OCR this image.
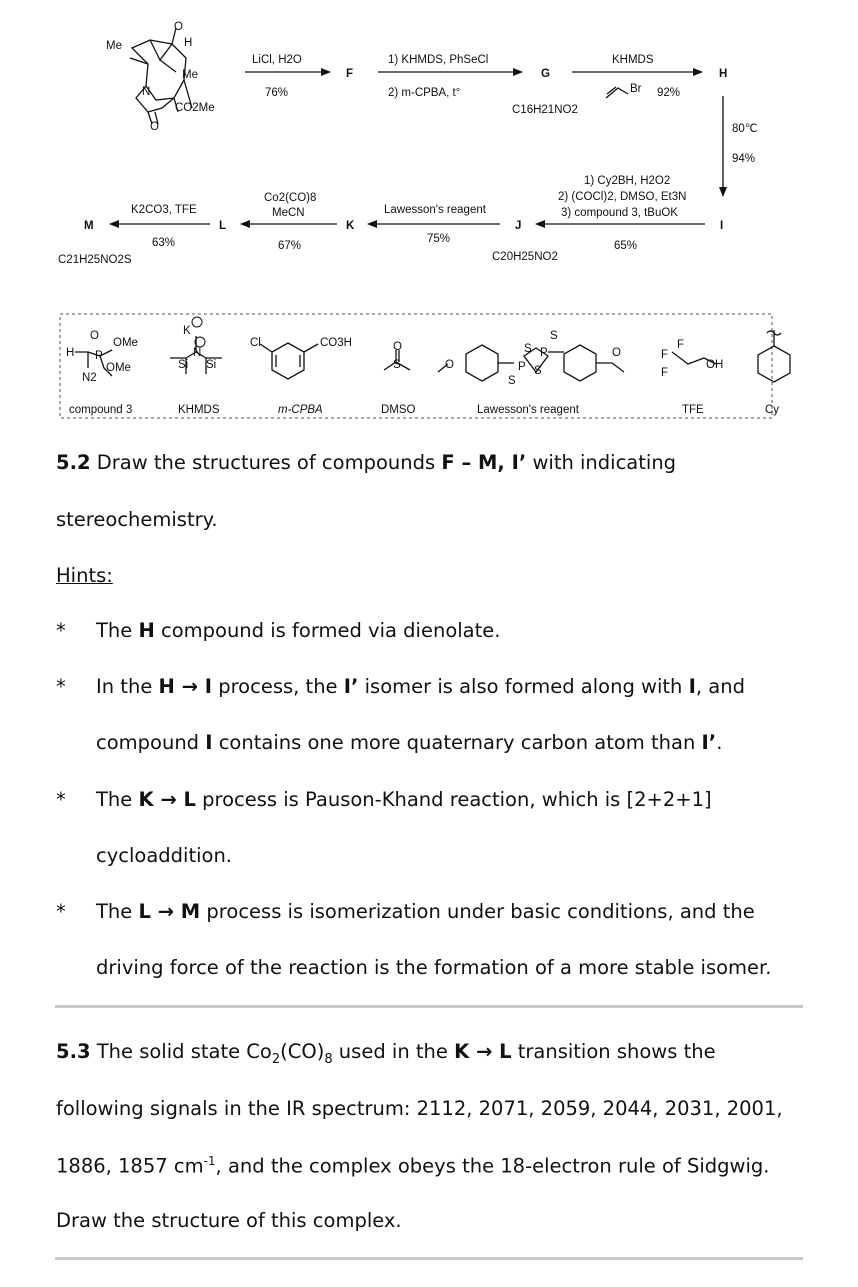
Me
O
H
Me
N
CO2Me
O
LiCl, H2O
76%
F
1) KHMDS, PhSeCl
2) m-CPBA, t°
G
C16H21NO2
KHMDS
Br 92%
H
80℃
94%
I
1) Cy2BH, H2O2
2) (COCl)2, DMSO, Et3N
3) compound 3, tBuOK
65%
J
C20H25NO2
Lawesson's reagent
75%
K
Co2(CO)8
MeCN
67%
L
K2CO3, TFE
63%
M
C21H25NO2S
H
O
P
OMe
OMe
N2
K
N
Si Si
Cl	CO3H	O
S	O
S
S P
P S
S
O
F
F
F
OH
compound 3	KHMDS	m-CPBA	DMSO	Lawesson's reagent	TFE	Cy
5.2 Draw the structures of compounds F – M, I’ with indicating
stereochemistry.
Hints:
* The H compound is formed via dienolate.
* In the H → I process, the I’ isomer is also formed along with I, and
compound I contains one more quaternary carbon atom than I’.
* The K → L process is Pauson-Khand reaction, which is [2+2+1]
cycloaddition.
* The L → M process is isomerization under basic conditions, and the
driving force of the reaction is the formation of a more stable isomer.
5.3 The solid state $Co_2(CO)_8$ used in the K → L transition shows the
following signals in the IR spectrum: 2112, 2071, 2059, 2044, 2031, 2001,
1886, 1857 $cm^{-1}$, and the complex obeys the 18-electron rule of Sidgwig.
Draw the structure of this complex.
